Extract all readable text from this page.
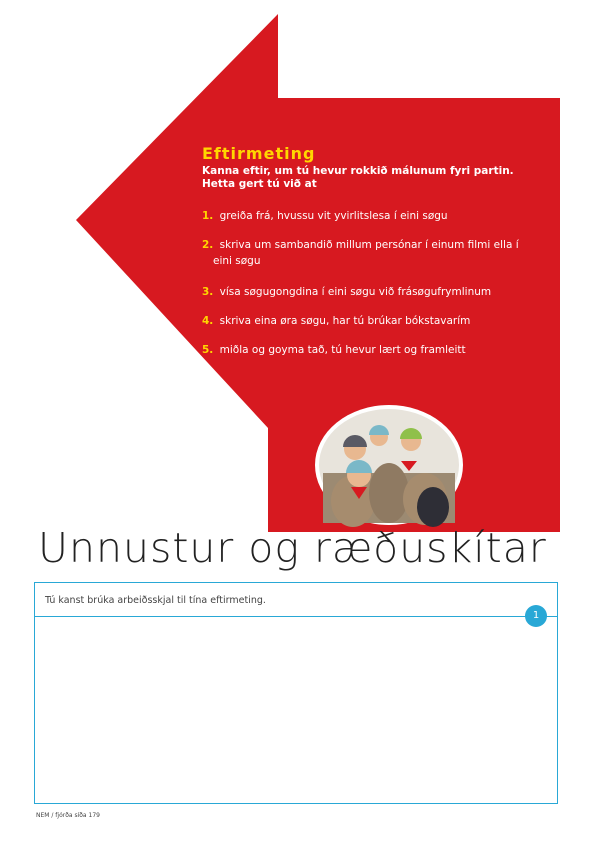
Eftirmeting
Kanna eftir, um tú hevur rokkið málunum fyri partin. Hetta gert tú við at
1. greiða frá, hvussu vit yvirlitslesa í eini søgu
2. skriva um sambandið millum persónar í einum filmi ella í
eini søgu
3. vísa søgugongdina í eini søgu við frásøgufrymlinum
4. skriva eina øra søgu, har tú brúkar bókstavarím
5. miðla og goyma tað, tú hevur lært og framleitt
Unnustur og ræðuskítar
Tú kanst brúka arbeiðsskjal til tína eftirmeting.
1
NEM / fjórða síða 179
